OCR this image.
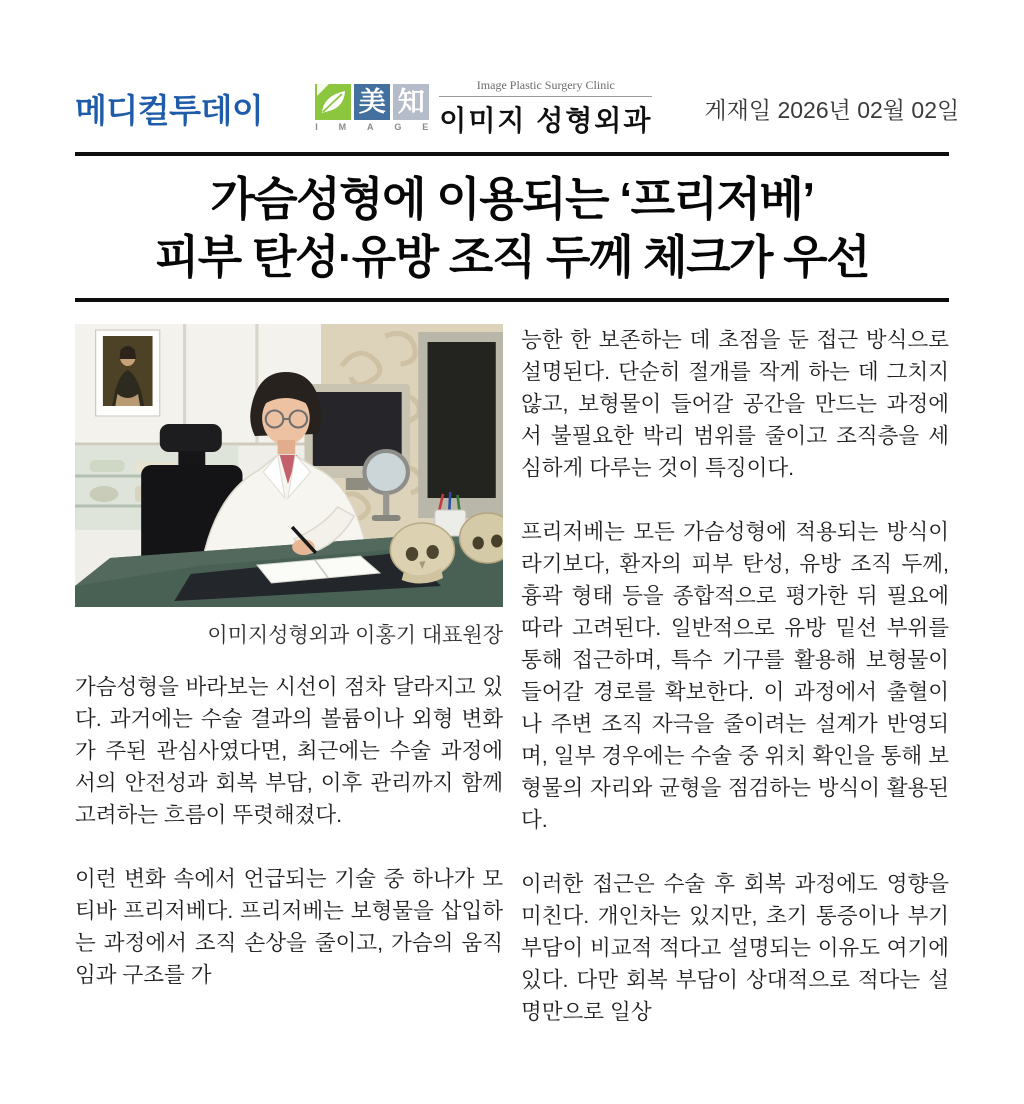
메디컬투데이	美 知
I M A G E
Image Plastic Surgery Clinic
이미지 성형외과 게재일 2026년 02월 02일
가슴성형에 이용되는 ‘프리저베’
피부 탄성·유방 조직 두께 체크가 우선
이미지성형외과 이홍기 대표원장

가슴성형을 바라보는 시선이 점차 달라지고 있다. 과거에는 수술 결과의 볼륨이나 외형 변화가 주된 관심사였다면, 최근에는 수술 과정에서의 안전성과 회복 부담, 이후 관리까지 함께 고려하는 흐름이 뚜렷해졌다.

이런 변화 속에서 언급되는 기술 중 하나가 모티바 프리저베다. 프리저베는 보형물을 삽입하는 과정에서 조직 손상을 줄이고, 가슴의 움직임과 구조를 가

능한 한 보존하는 데 초점을 둔 접근 방식으로 설명된다. 단순히 절개를 작게 하는 데 그치지 않고, 보형물이 들어갈 공간을 만드는 과정에서 불필요한 박리 범위를 줄이고 조직층을 세심하게 다루는 것이 특징이다.

프리저베는 모든 가슴성형에 적용되는 방식이라기보다, 환자의 피부 탄성, 유방 조직 두께, 흉곽 형태 등을 종합적으로 평가한 뒤 필요에 따라 고려된다. 일반적으로 유방 밑선 부위를 통해 접근하며, 특수 기구를 활용해 보형물이 들어갈 경로를 확보한다. 이 과정에서 출혈이나 주변 조직 자극을 줄이려는 설계가 반영되며, 일부 경우에는 수술 중 위치 확인을 통해 보형물의 자리와 균형을 점검하는 방식이 활용된다.

이러한 접근은 수술 후 회복 과정에도 영향을 미친다. 개인차는 있지만, 초기 통증이나 부기 부담이 비교적 적다고 설명되는 이유도 여기에 있다. 다만 회복 부담이 상대적으로 적다는 설명만으로 일상
